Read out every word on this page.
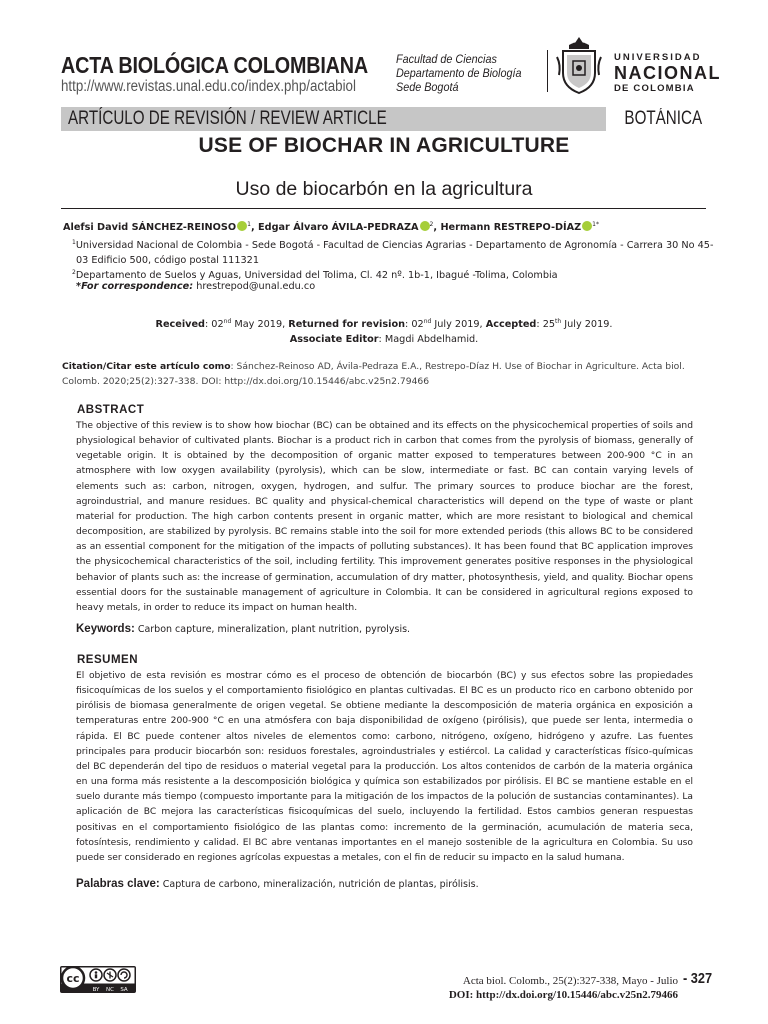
ACTA BIOLÓGICA COLOMBIANA
http://www.revistas.unal.edu.co/index.php/actabiol
Facultad de Ciencias
Departamento de Biología
Sede Bogotá
UNIVERSIDAD
NACIONAL
DE COLOMBIA
ARTÍCULO DE REVISIÓN / REVIEW ARTICLE	BOTÁNICA
USE OF BIOCHAR IN AGRICULTURE
Uso de biocarbón en la agricultura
Alefsi David SÁNCHEZ-REINOSO $^1$, Edgar Álvaro ÁVILA-PEDRAZA $^2$, Hermann RESTREPO-DÍAZ $^{1*}$
$^1$Universidad Nacional de Colombia - Sede Bogotá - Facultad de Ciencias Agrarias - Departamento de Agronomía - Carrera 30 No 45-03 Edificio 500, código postal 111321
$^2$Departamento de Suelos y Aguas, Universidad del Tolima, Cl. 42 nº. 1b-1, Ibagué -Tolima, Colombia
*For correspondence: hrestrepod@unal.edu.co
Received: 02nd May 2019, Returned for revision: 02nd July 2019, Accepted: 25th July 2019.
Associate Editor: Magdi Abdelhamid.
Citation/Citar este artículo como: Sánchez-Reinoso AD, Ávila-Pedraza E.A., Restrepo-Díaz H. Use of Biochar in Agriculture. Acta biol. Colomb. 2020;25(2):327-338. DOI: http://dx.doi.org/10.15446/abc.v25n2.79466
ABSTRACT
The objective of this review is to show how biochar (BC) can be obtained and its effects on the physicochemical properties of soils and physiological behavior of cultivated plants. Biochar is a product rich in carbon that comes from the pyrolysis of biomass, generally of vegetable origin. It is obtained by the decomposition of organic matter exposed to temperatures between 200-900 °C in an atmosphere with low oxygen availability (pyrolysis), which can be slow, intermediate or fast. BC can contain varying levels of elements such as: carbon, nitrogen, oxygen, hydrogen, and sulfur. The primary sources to produce biochar are the forest, agroindustrial, and manure residues. BC quality and physical-chemical characteristics will depend on the type of waste or plant material for production. The high carbon contents present in organic matter, which are more resistant to biological and chemical decomposition, are stabilized by pyrolysis. BC remains stable into the soil for more extended periods (this allows BC to be considered as an essential component for the mitigation of the impacts of polluting substances). It has been found that BC application improves the physicochemical characteristics of the soil, including fertility. This improvement generates positive responses in the physiological behavior of plants such as: the increase of germination, accumulation of dry matter, photosynthesis, yield, and quality. Biochar opens essential doors for the sustainable management of agriculture in Colombia. It can be considered in agricultural regions exposed to heavy metals, in order to reduce its impact on human health.
Keywords: Carbon capture, mineralization, plant nutrition, pyrolysis.
RESUMEN
El objetivo de esta revisión es mostrar cómo es el proceso de obtención de biocarbón (BC) y sus efectos sobre las propiedades fisicoquímicas de los suelos y el comportamiento fisiológico en plantas cultivadas. El BC es un producto rico en carbono obtenido por pirólisis de biomasa generalmente de origen vegetal. Se obtiene mediante la descomposición de materia orgánica en exposición a temperaturas entre 200-900 °C en una atmósfera con baja disponibilidad de oxígeno (pirólisis), que puede ser lenta, intermedia o rápida. El BC puede contener altos niveles de elementos como: carbono, nitrógeno, oxígeno, hidrógeno y azufre. Las fuentes principales para producir biocarbón son: residuos forestales, agroindustriales y estiércol. La calidad y características físico-químicas del BC dependerán del tipo de residuos o material vegetal para la producción. Los altos contenidos de carbón de la materia orgánica en una forma más resistente a la descomposición biológica y química son estabilizados por pirólisis. El BC se mantiene estable en el suelo durante más tiempo (compuesto importante para la mitigación de los impactos de la polución de sustancias contaminantes). La aplicación de BC mejora las características fisicoquímicas del suelo, incluyendo la fertilidad. Estos cambios generan respuestas positivas en el comportamiento fisiológico de las plantas como: incremento de la germinación, acumulación de materia seca, fotosíntesis, rendimiento y calidad. El BC abre ventanas importantes en el manejo sostenible de la agricultura en Colombia. Su uso puede ser considerado en regiones agrícolas expuestas a metales, con el fin de reducir su impacto en la salud humana.
Palabras clave: Captura de carbono, mineralización, nutrición de plantas, pirólisis.
cc
BY NC SA
Acta biol. Colomb., 25(2):327-338, Mayo - Julio
DOI: http://dx.doi.org/10.15446/abc.v25n2.79466
- 327
